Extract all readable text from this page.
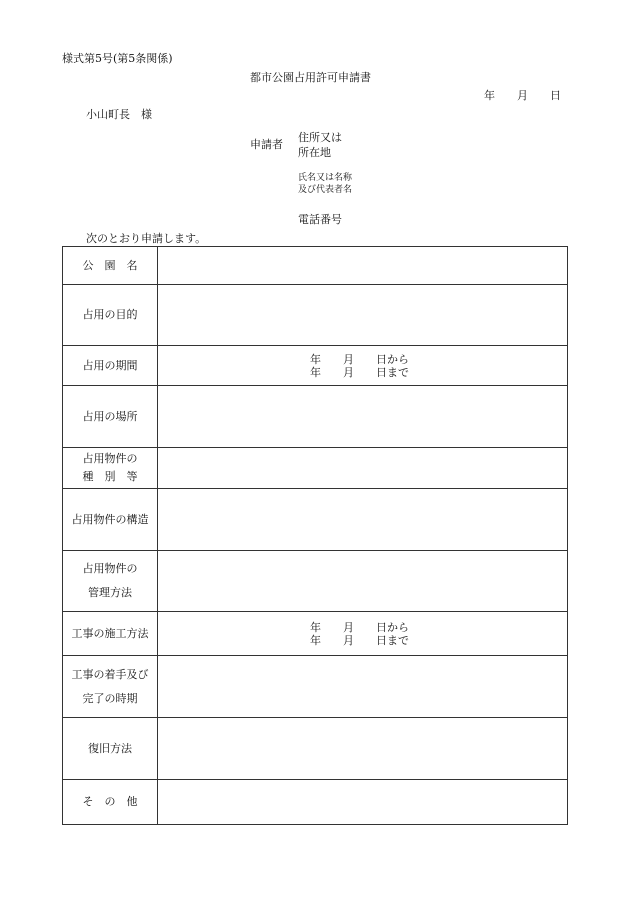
様式第5号(第5条関係)
都市公園占用許可申請書
年　　月　　日
小山町長　様
申請者
住所又は
所在地
氏名又は名称
及び代表者名
電話番号
次のとおり申請します。
公　園　名	

占用の目的	

占用の期間	年　　月　　日から
年　　月　　日まで

占用の場所	

占用物件の
種　別　等	

占用物件の構造	

占用物件の
管理方法	

工事の施工方法	年　　月　　日から
年　　月　　日まで

工事の着手及び
完了の時期	

復旧方法	

そ　の　他	
